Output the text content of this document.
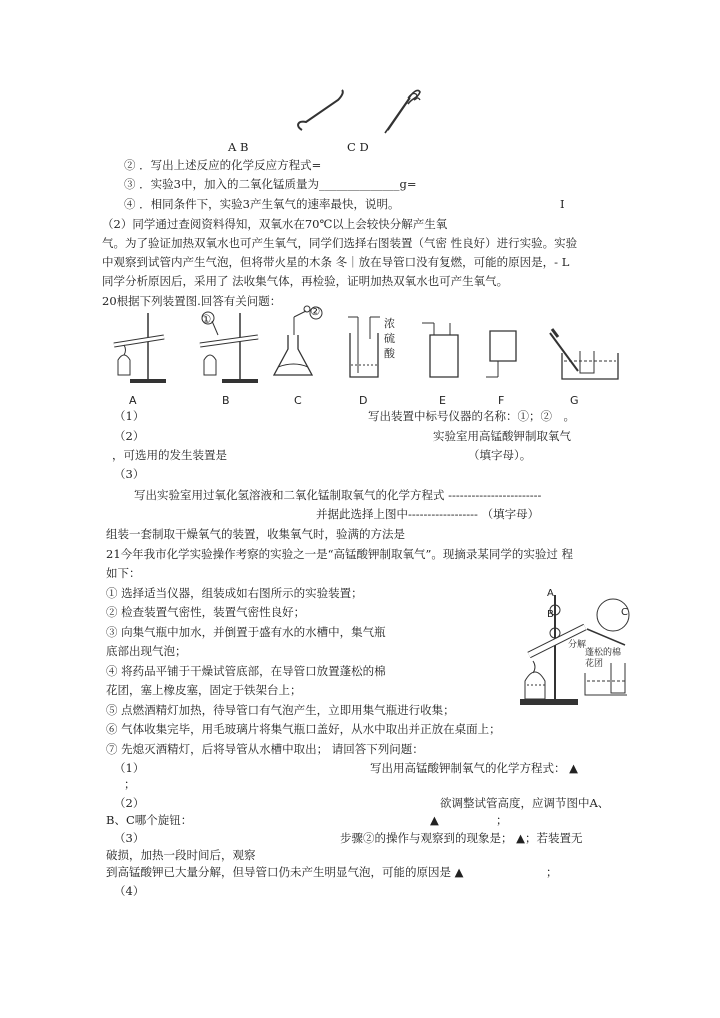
A B	C D
② ．写出上述反应的化学反应方程式=
③ ．实验3中，加入的二氧化锰质量为______________g=
④ ．相同条件下，实验3产生氧气的速率最快，说明。	I
（2）同学通过查阅资料得知，双氧水在70℃以上会较快分解产生氧
气。为了验证加热双氧水也可产生氧气，同学们选择右图装置（气密 性良好）进行实验。实验
中观察到试管内产生气泡，但将带火星的木条 冬｜放在导管口没有复燃，可能的原因是，- L
同学分析原因后，采用了 法收集气体，再检验，证明加热双氧水也可产生氧气。
20根据下列装置图.回答有关问题：
①
②
浓硫酸
A	B	C	D	E	F	G
（1）	写出装置中标号仪器的名称：①；②　。
（2）	实验室用高锰酸钾制取氧气
，可选用的发生装置是	（填字母）。
（3）
写出实验室用过氧化氢溶液和二氧化锰制取氧气的化学方程式 ------------------------
并据此选择上图中------------------ （填字母）
组装一套制取干燥氧气的装置，收集氧气时，验满的方法是
21今年我市化学实验操作考察的实验之一是“高锰酸钾制取氧气”。现摘录某同学的实验过 程
如下：
① 选择适当仪器，组装成如右图所示的实验装置；
② 检查装置气密性，装置气密性良好；
③ 向集气瓶中加水，并倒置于盛有水的水槽中，集气瓶
底部出现气泡；
④ 将药品平铺于干燥试管底部，在导管口放置蓬松的棉
花团，塞上橡皮塞，固定于铁架台上；
⑤ 点燃酒精灯加热，待导管口有气泡产生，立即用集气瓶进行收集；
⑥ 气体收集完毕，用毛玻璃片将集气瓶口盖好，从水中取出并正放在桌面上；
⑦ 先熄灭酒精灯，后将导管从水槽中取出； 请回答下列问题：
A
B	C
分解
蓬松的棉花团
（1）	写出用高锰酸钾制氧气的化学方程式： ▲
；
（2）	欲调整试管高度，应调节图中A、
B、C哪个旋钮：	▲	；
（3）	步骤②的操作与观察到的现象是； ▲；若装置无
破损，加热一段时间后，观察
到高锰酸钾已大量分解，但导管口仍未产生明显气泡，可能的原因是 ▲	；
（4）
